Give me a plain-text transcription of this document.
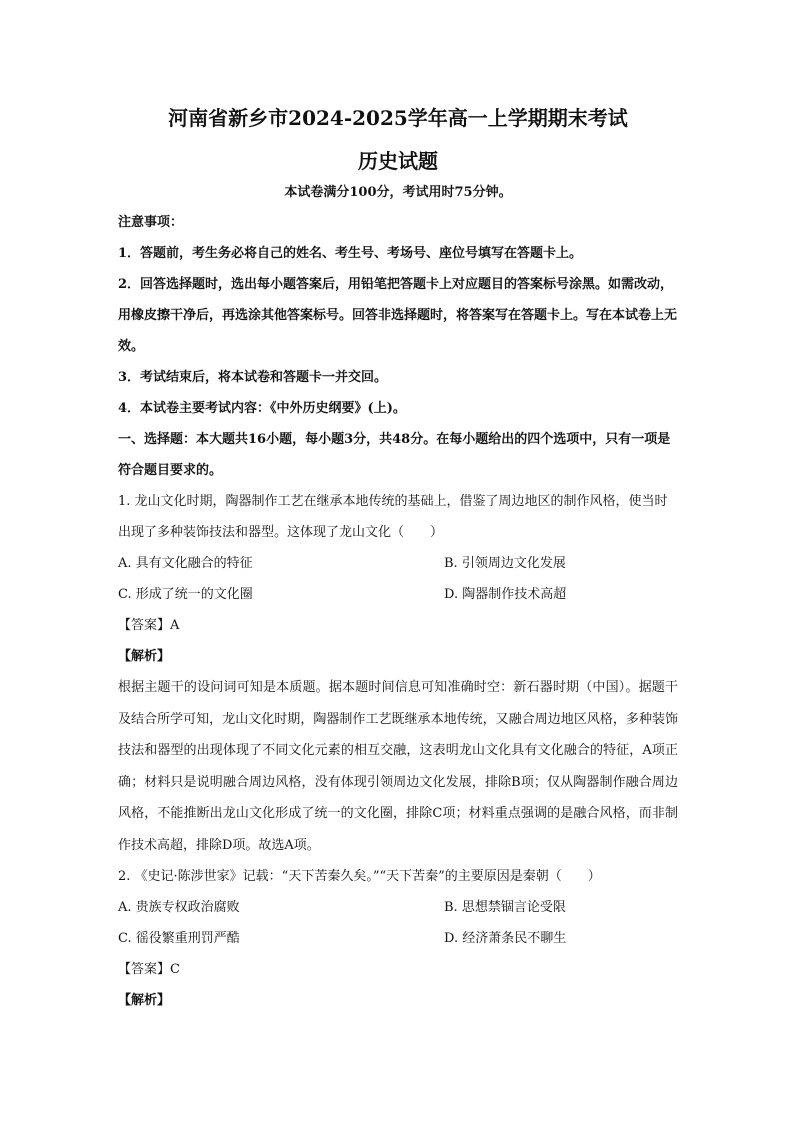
河南省新乡市2024-2025学年高一上学期期末考试
历史试题

本试卷满分100分，考试用时75分钟。

注意事项：

1．答题前，考生务必将自己的姓名、考生号、考场号、座位号填写在答题卡上。

2．回答选择题时，选出每小题答案后，用铅笔把答题卡上对应题目的答案标号涂黑。如需改动，用橡皮擦干净后，再选涂其他答案标号。回答非选择题时，将答案写在答题卡上。写在本试卷上无效。

3．考试结束后，将本试卷和答题卡一并交回。

4．本试卷主要考试内容：《中外历史纲要》(上)。

一、选择题：本大题共16小题，每小题3分，共48分。在每小题给出的四个选项中，只有一项是符合题目要求的。

1. 龙山文化时期，陶器制作工艺在继承本地传统的基础上，借鉴了周边地区的制作风格，使当时出现了多种装饰技法和器型。这体现了龙山文化（　　）

A. 具有文化融合的特征	B. 引领周边文化发展
C. 形成了统一的文化圈	D. 陶器制作技术高超

【答案】A

【解析】

根据主题干的设问词可知是本质题。据本题时间信息可知准确时空：新石器时期（中国）。据题干及结合所学可知，龙山文化时期，陶器制作工艺既继承本地传统，又融合周边地区风格，多种装饰技法和器型的出现体现了不同文化元素的相互交融，这表明龙山文化具有文化融合的特征，A项正确；材料只是说明融合周边风格，没有体现引领周边文化发展，排除B项；仅从陶器制作融合周边风格，不能推断出龙山文化形成了统一的文化圈，排除C项；材料重点强调的是融合风格，而非制作技术高超，排除D项。故选A项。

2. 《史记·陈涉世家》记载：“天下苦秦久矣。”“天下苦秦”的主要原因是秦朝（　　）

A. 贵族专权政治腐败	B. 思想禁锢言论受限
C. 徭役繁重刑罚严酷	D. 经济萧条民不聊生

【答案】C

【解析】
